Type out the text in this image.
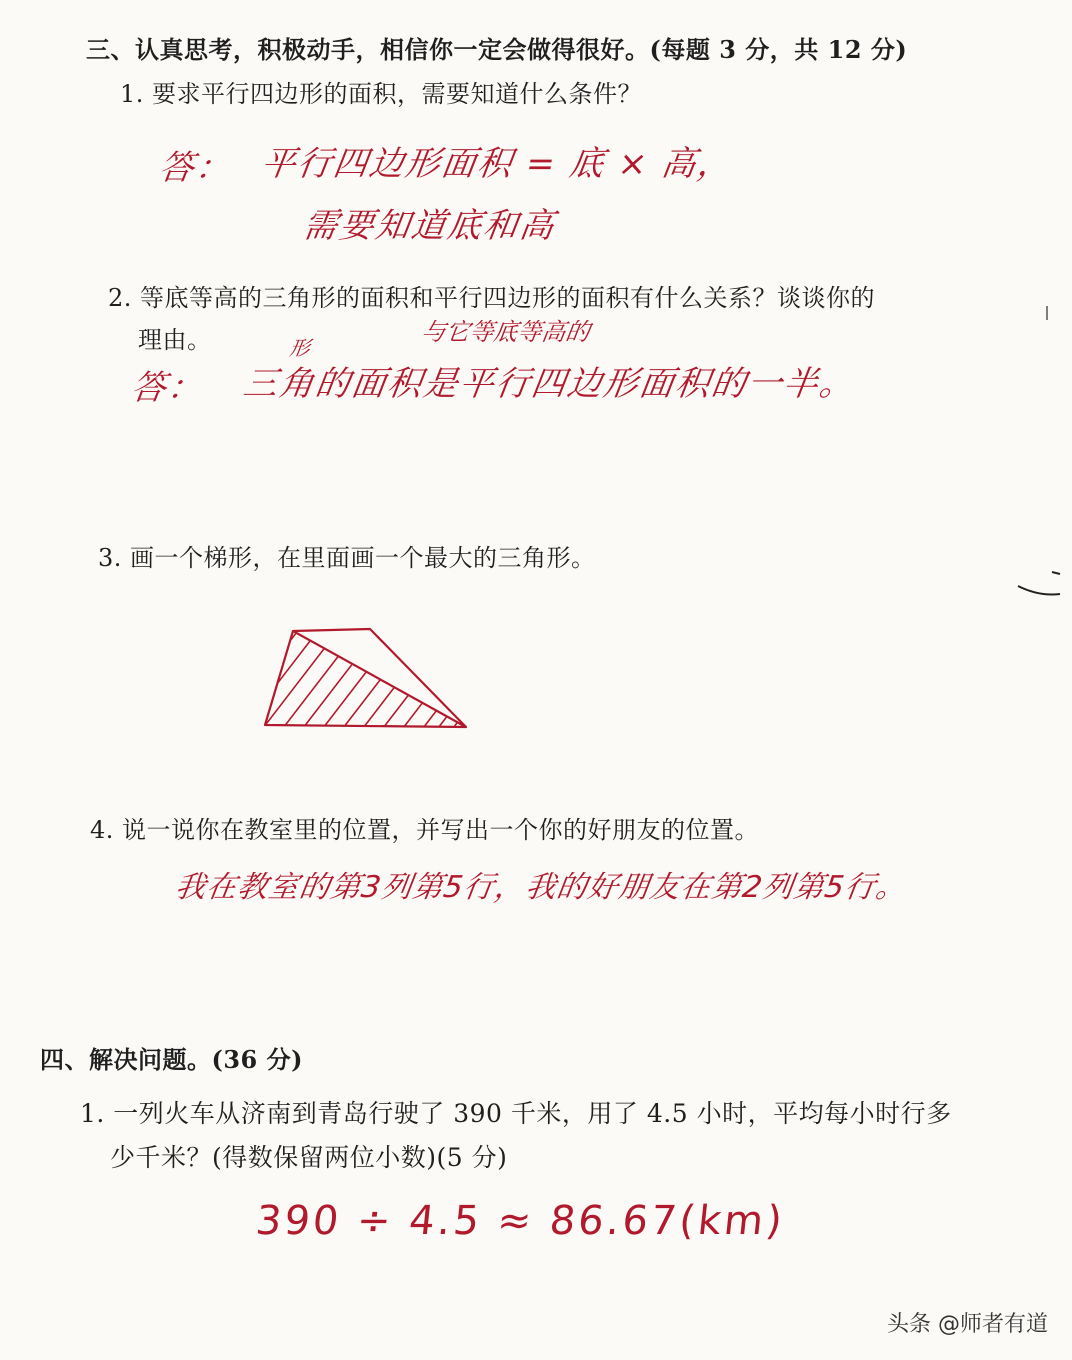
三、认真思考，积极动手，相信你一定会做得很好。(每题 3 分，共 12 分)
1. 要求平行四边形的面积，需要知道什么条件？
答： 平行四边形面积 = 底 × 高，
需要知道底和高
2. 等底等高的三角形的面积和平行四边形的面积有什么关系？谈谈你的
理由。	与它等底等高的
形
答： 三角的面积是平行四边形面积的一半。
3. 画一个梯形，在里面画一个最大的三角形。
4. 说一说你在教室里的位置，并写出一个你的好朋友的位置。
我在教室的第3列第5行，我的好朋友在第2列第5行。
四、解决问题。(36 分)
1. 一列火车从济南到青岛行驶了 390 千米，用了 4.5 小时，平均每小时行多
少千米？(得数保留两位小数)(5 分)
390 ÷ 4.5 ≈ 86.67(km)
头条 @师者有道
